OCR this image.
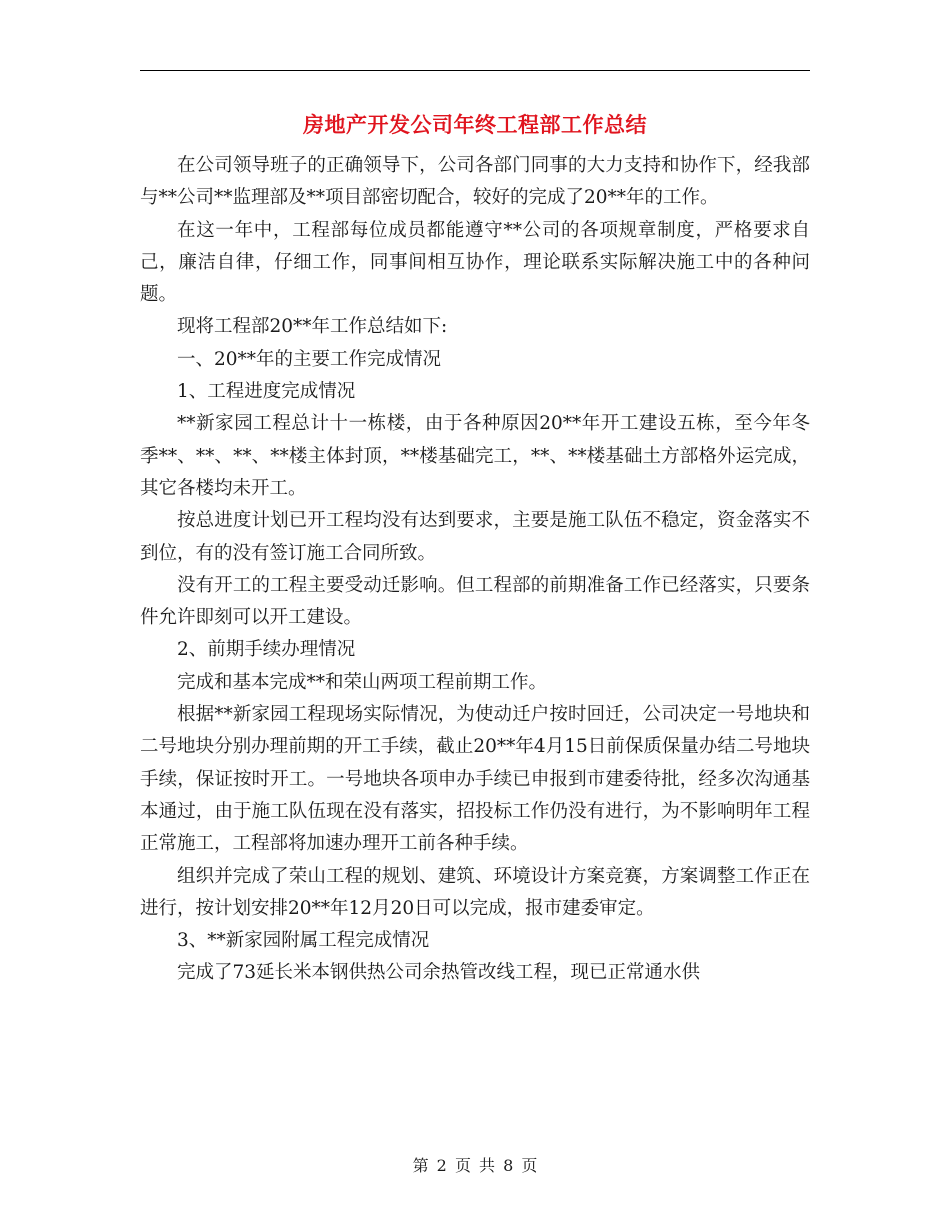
房地产开发公司年终工程部工作总结

在公司领导班子的正确领导下，公司各部门同事的大力支持和协作下，经我部与**公司**监理部及**项目部密切配合，较好的完成了20**年的工作。

在这一年中，工程部每位成员都能遵守**公司的各项规章制度，严格要求自己，廉洁自律，仔细工作，同事间相互协作，理论联系实际解决施工中的各种问题。

现将工程部20**年工作总结如下:

一、20**年的主要工作完成情况

1、工程进度完成情况

**新家园工程总计十一栋楼，由于各种原因20**年开工建设五栋，至今年冬季**、**、**、**楼主体封顶，**楼基础完工，**、**楼基础土方部格外运完成，其它各楼均未开工。

按总进度计划已开工程均没有达到要求，主要是施工队伍不稳定，资金落实不到位，有的没有签订施工合同所致。

没有开工的工程主要受动迁影响。但工程部的前期准备工作已经落实，只要条件允许即刻可以开工建设。

2、前期手续办理情况

完成和基本完成**和荣山两项工程前期工作。

根据**新家园工程现场实际情况，为使动迁户按时回迁，公司决定一号地块和二号地块分别办理前期的开工手续，截止20**年4月15日前保质保量办结二号地块手续，保证按时开工。一号地块各项申办手续已申报到市建委待批，经多次沟通基本通过，由于施工队伍现在没有落实，招投标工作仍没有进行，为不影响明年工程正常施工，工程部将加速办理开工前各种手续。

组织并完成了荣山工程的规划、建筑、环境设计方案竞赛，方案调整工作正在进行，按计划安排20**年12月20日可以完成，报市建委审定。

3、**新家园附属工程完成情况

完成了73延长米本钢供热公司余热管改线工程，现已正常通水供

第 2 页 共 8 页
